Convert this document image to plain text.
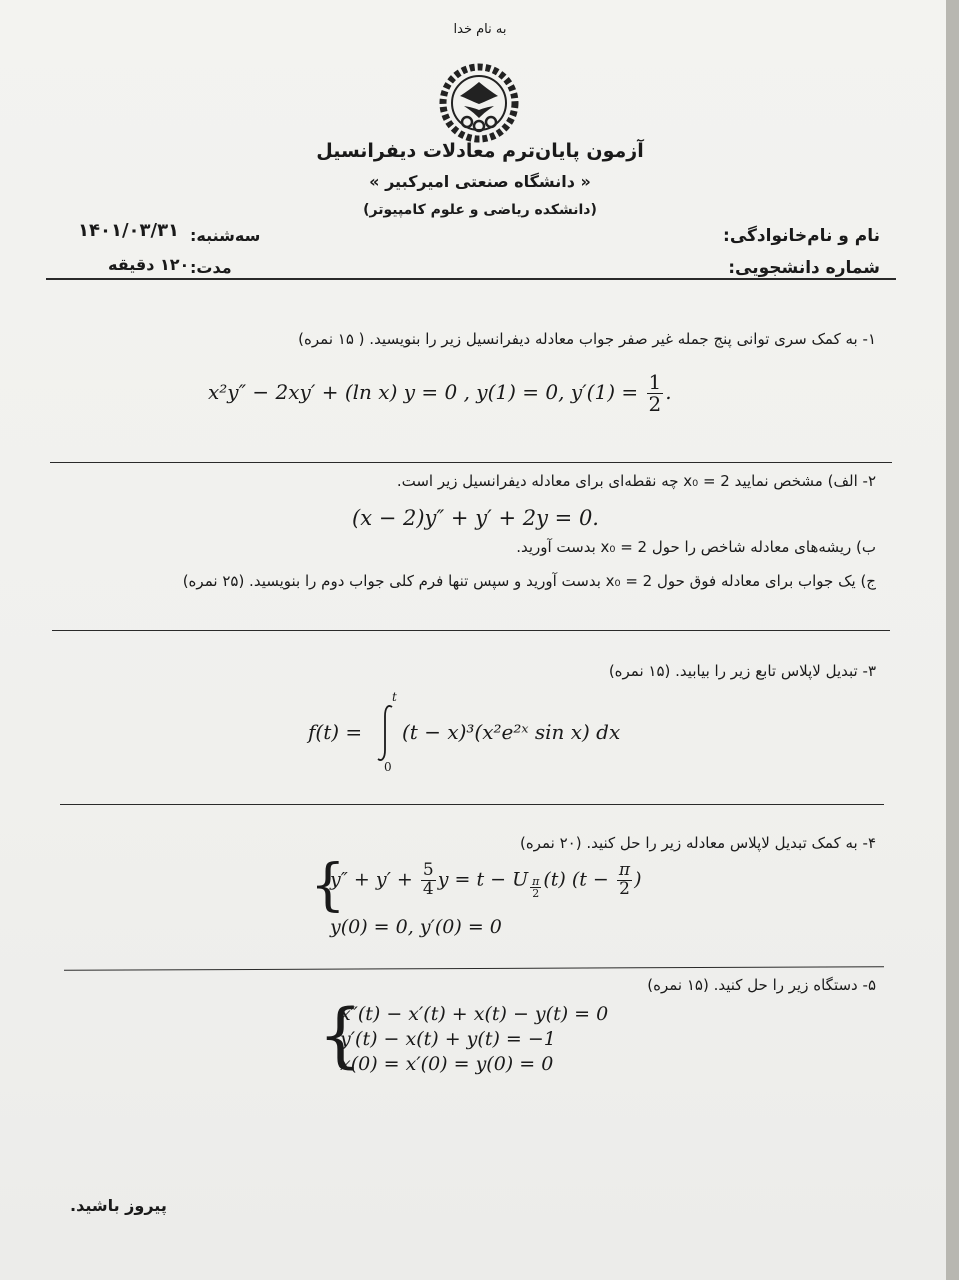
به نام خدا
آزمون پایان‌ترم معادلات دیفرانسیل
« دانشگاه صنعتی امیرکبیر »
(دانشکده ریاضی و علوم کامپیوتر)
نام و نام‌خانوادگی:
شماره دانشجویی:
سه‌شنبه:
۱۴۰۱/۰۳/۳۱
مدت:
۱۲۰ دقیقه
۱- به کمک سری توانی پنج جمله غیر صفر جواب معادله دیفرانسیل زیر را بنویسید. ( ۱۵ نمره)
x²y″ − 2xy′ + (ln x) y = 0 , y(1) = 0, $y'(1) = \frac{1}{2}$ .
۲- الف) مشخص نمایید x₀ = 2 چه نقطه‌ای برای معادله دیفرانسیل زیر است.
(x − 2)y″ + y′ + 2y = 0.
ب) ریشه‌های معادله شاخص را حول x₀ = 2 بدست آورید.
ج) یک جواب برای معادله فوق حول x₀ = 2 بدست آورید و سپس تنها فرم کلی جواب دوم را بنویسید. (۲۵ نمره)
۳- تبدیل لاپلاس تابع زیر را بیابید. (۱۵ نمره)
f(t) =
t
0
(t − x)³(x²e²ˣ sin x) dx
۴- به کمک تبدیل لاپلاس معادله زیر را حل کنید. (۲۰ نمره)
{
$y'' + y' + \frac{5}{4}$ y = t − U $\frac{\pi}{2} (t) (t - \frac{\pi}{2}$ )
y(0) = 0, y′(0) = 0
۵- دستگاه زیر را حل کنید. (۱۵ نمره)
{
x″(t) − x′(t) + x(t) − y(t) = 0
y′(t) − x(t) + y(t) = −1
x(0) = x′(0) = y(0) = 0
پیروز باشید.
